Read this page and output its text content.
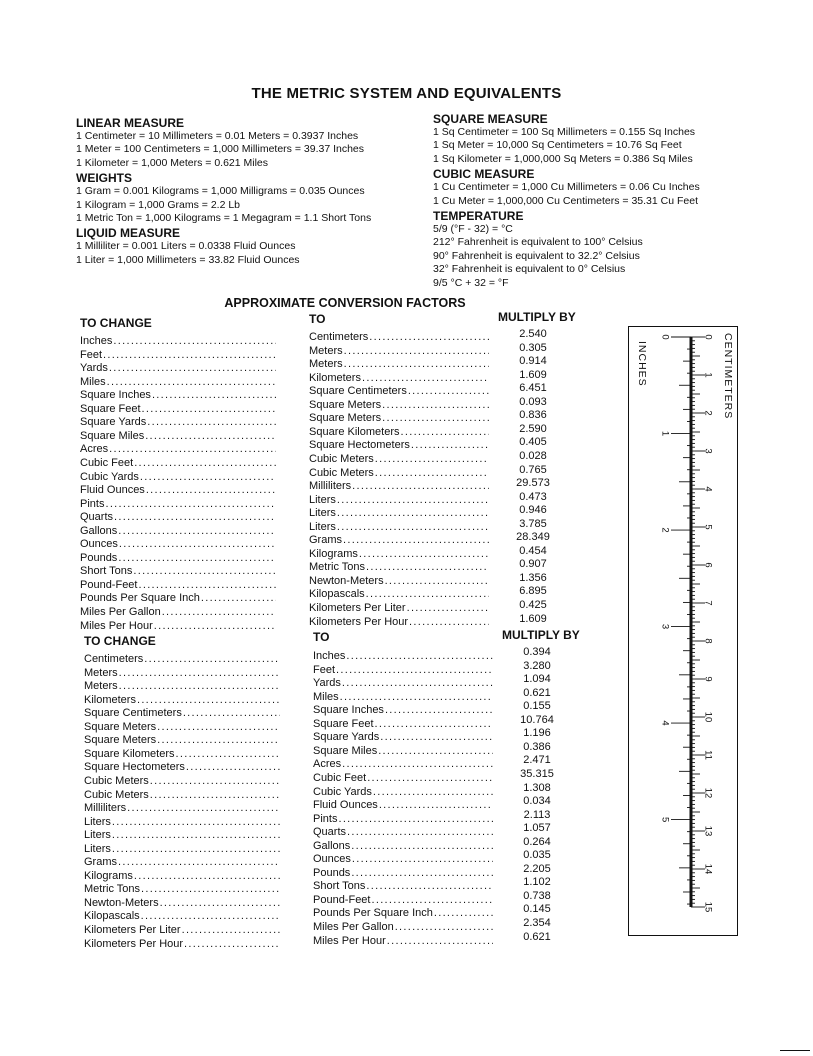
THE METRIC SYSTEM AND EQUIVALENTS
LINEAR MEASURE
1 Centimeter = 10 Millimeters = 0.01 Meters = 0.3937 Inches
1 Meter = 100 Centimeters = 1,000 Millimeters = 39.37 Inches
1 Kilometer = 1,000 Meters = 0.621 Miles
WEIGHTS
1 Gram = 0.001 Kilograms = 1,000 Milligrams = 0.035 Ounces
1 Kilogram = 1,000 Grams = 2.2 Lb
1 Metric Ton = 1,000 Kilograms = 1 Megagram = 1.1 Short Tons
LIQUID MEASURE
1 Milliliter = 0.001 Liters = 0.0338 Fluid Ounces
1 Liter = 1,000 Millimeters = 33.82 Fluid Ounces
SQUARE MEASURE
1 Sq Centimeter = 100 Sq Millimeters = 0.155 Sq Inches
1 Sq Meter = 10,000 Sq Centimeters = 10.76 Sq Feet
1 Sq Kilometer = 1,000,000 Sq Meters = 0.386 Sq Miles
CUBIC MEASURE
1 Cu Centimeter = 1,000 Cu Millimeters = 0.06 Cu Inches
1 Cu Meter = 1,000,000 Cu Centimeters = 35.31 Cu Feet
TEMPERATURE
5/9 (°F - 32) = °C
212° Fahrenheit is equivalent to 100° Celsius
90° Fahrenheit is equivalent to 32.2° Celsius
32° Fahrenheit is equivalent to 0° Celsius
9/5 °C + 32 = °F
APPROXIMATE CONVERSION FACTORS
TO CHANGE	TO	MULTIPLY BY
Inches .....	Centimeters .....	2.540
Feet .....	Meters .....	0.305
Yards .....	Meters .....	0.914
Miles .....	Kilometers .....	1.609
Square Inches .....	Square Centimeters .....	6.451
Square Feet .....	Square Meters .....	0.093
Square Yards .....	Square Meters .....	0.836
Square Miles .....	Square Kilometers .....	2.590
Acres .....	Square Hectometers .....	0.405
Cubic Feet .....	Cubic Meters .....	0.028
Cubic Yards .....	Cubic Meters .....	0.765
Fluid Ounces .....	Milliliters .....	29.573
Pints .....	Liters .....	0.473
Quarts .....	Liters .....	0.946
Gallons .....	Liters .....	3.785
Ounces .....	Grams .....	28.349
Pounds .....	Kilograms .....	0.454
Short Tons .....	Metric Tons .....	0.907
Pound-Feet .....	Newton-Meters .....	1.356
Pounds Per Square Inch .....	Kilopascals .....	6.895
Miles Per Gallon .....	Kilometers Per Liter .....	0.425
Miles Per Hour .....	Kilometers Per Hour .....	1.609
TO CHANGE	TO	MULTIPLY BY
Centimeters .....	Inches .....	0.394
Meters .....	Feet .....	3.280
Meters .....	Yards .....	1.094
Kilometers .....	Miles .....	0.621
Square Centimeters .....	Square Inches .....	0.155
Square Meters .....	Square Feet .....	10.764
Square Meters .....	Square Yards .....	1.196
Square Kilometers .....	Square Miles .....	0.386
Square Hectometers .....	Acres .....	2.471
Cubic Meters .....	Cubic Feet .....	35.315
Cubic Meters .....	Cubic Yards .....	1.308
Milliliters .....	Fluid Ounces .....	0.034
Liters .....	Pints .....	2.113
Liters .....	Quarts .....	1.057
Liters .....	Gallons .....	0.264
Grams .....	Ounces .....	0.035
Kilograms .....	Pounds .....	2.205
Metric Tons .....	Short Tons .....	1.102
Newton-Meters .....	Pound-Feet .....	0.738
Kilopascals .....	Pounds Per Square Inch .....	0.145
Kilometers Per Liter .....	Miles Per Gallon .....	2.354
Kilometers Per Hour .....	Miles Per Hour .....	0.621
0
1
2
3
4
5
6
7
8
9
10
11
12
13
14
15
0
1
2
3
4
5
INCHES	CENTIMETERS
